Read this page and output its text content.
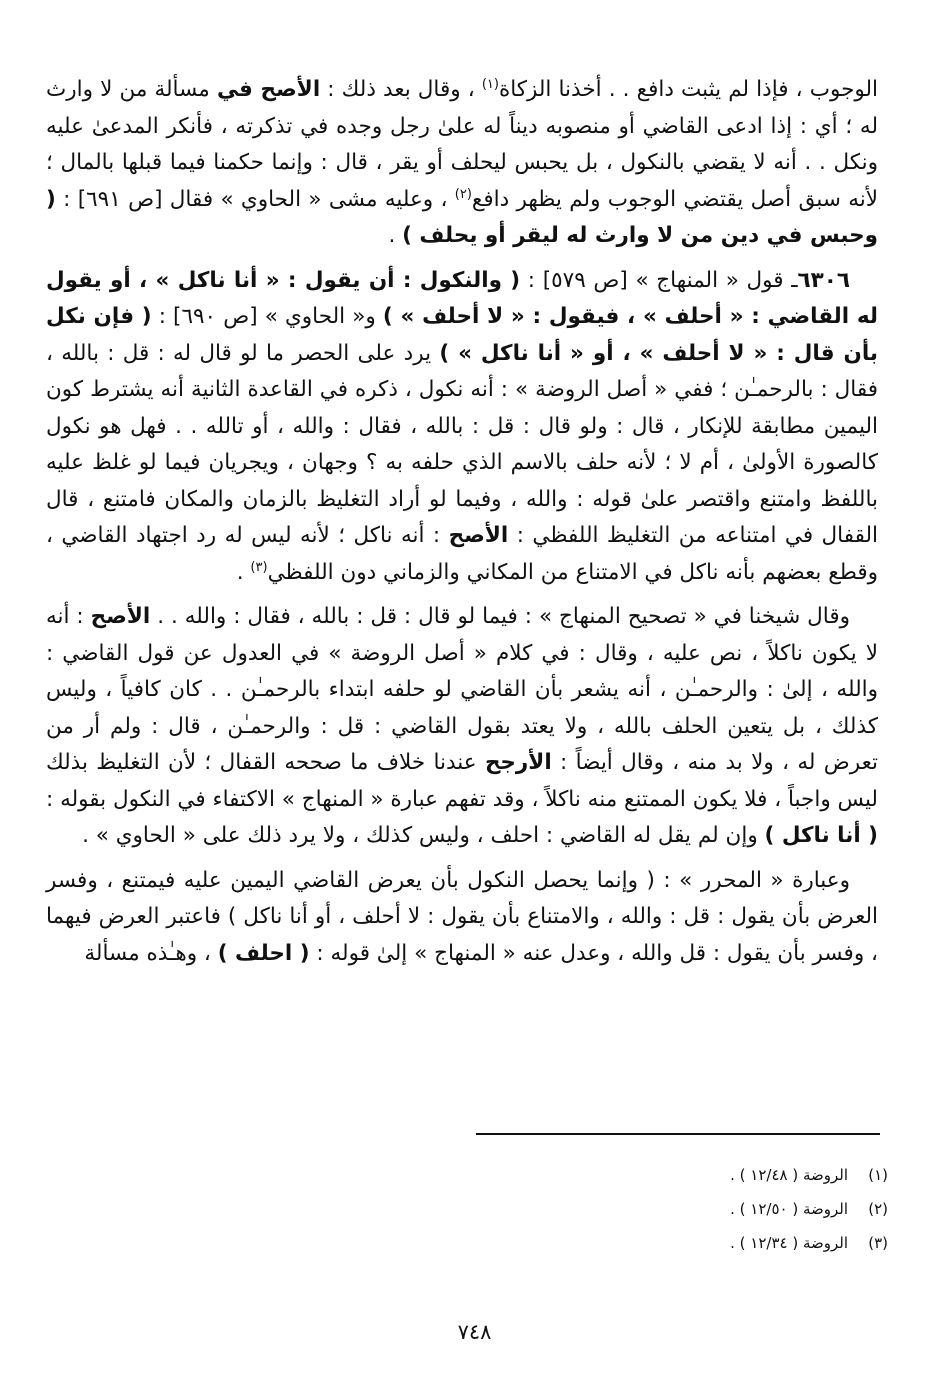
الوجوب ، فإذا لم يثبت دافع . . أخذنا الزكاة$^{(١)}$ ، وقال بعد ذلك : الأصح في مسألة من لا وارث له ؛ أي : إذا ادعى القاضي أو منصوبه ديناً له علىٰ رجل وجده في تذكرته ، فأنكر المدعىٰ عليه ونكل . . أنه لا يقضي بالنكول ، بل يحبس ليحلف أو يقر ، قال : وإنما حكمنا فيما قبلها بالمال ؛ لأنه سبق أصل يقتضي الوجوب ولم يظهر دافع$^{(٢)}$ ، وعليه مشى « الحاوي » فقال [ص ٦٩١] : ( وحبس في دين من لا وارث له ليقر أو يحلف ) .

٦٣٠٦ـ قول « المنهاج » [ص ٥٧٩] : ( والنكول : أن يقول : « أنا ناكل » ، أو يقول له القاضي : « أحلف » ، فيقول : « لا أحلف » ) و« الحاوي » [ص ٦٩٠] : ( فإن نكل بأن قال : « لا أحلف » ، أو « أنا ناكل » ) يرد على الحصر ما لو قال له : قل : بالله ، فقال : بالرحمـٰن ؛ ففي « أصل الروضة » : أنه نكول ، ذكره في القاعدة الثانية أنه يشترط كون اليمين مطابقة للإنكار ، قال : ولو قال : قل : بالله ، فقال : والله ، أو تالله . . فهل هو نكول كالصورة الأولىٰ ، أم لا ؛ لأنه حلف بالاسم الذي حلفه به ؟ وجهان ، ويجريان فيما لو غلظ عليه باللفظ وامتنع واقتصر علىٰ قوله : والله ، وفيما لو أراد التغليظ بالزمان والمكان فامتنع ، قال القفال في امتناعه من التغليظ اللفظي : الأصح : أنه ناكل ؛ لأنه ليس له رد اجتهاد القاضي ، وقطع بعضهم بأنه ناكل في الامتناع من المكاني والزماني دون اللفظي$^{(٣)}$ .

وقال شيخنا في « تصحيح المنهاج » : فيما لو قال : قل : بالله ، فقال : والله . . الأصح : أنه لا يكون ناكلاً ، نص عليه ، وقال : في كلام « أصل الروضة » في العدول عن قول القاضي : والله ، إلىٰ : والرحمـٰن ، أنه يشعر بأن القاضي لو حلفه ابتداء بالرحمـٰن . . كان كافياً ، وليس كذلك ، بل يتعين الحلف بالله ، ولا يعتد بقول القاضي : قل : والرحمـٰن ، قال : ولم أر من تعرض له ، ولا بد منه ، وقال أيضاً : الأرجح عندنا خلاف ما صححه القفال ؛ لأن التغليظ بذلك ليس واجباً ، فلا يكون الممتنع منه ناكلاً ، وقد تفهم عبارة « المنهاج » الاكتفاء في النكول بقوله : ( أنا ناكل ) وإن لم يقل له القاضي : احلف ، وليس كذلك ، ولا يرد ذلك على « الحاوي » .

وعبارة « المحرر » : ( وإنما يحصل النكول بأن يعرض القاضي اليمين عليه فيمتنع ، وفسر العرض بأن يقول : قل : والله ، والامتناع بأن يقول : لا أحلف ، أو أنا ناكل ) فاعتبر العرض فيهما ، وفسر بأن يقول : قل والله ، وعدل عنه « المنهاج » إلىٰ قوله : ( احلف ) ، وهـٰذه مسألة

(١)الروضة ( ١٢/٤٨ ) .
(٢)الروضة ( ١٢/٥٠ ) .
(٣)الروضة ( ١٢/٣٤ ) .
٧٤٨
